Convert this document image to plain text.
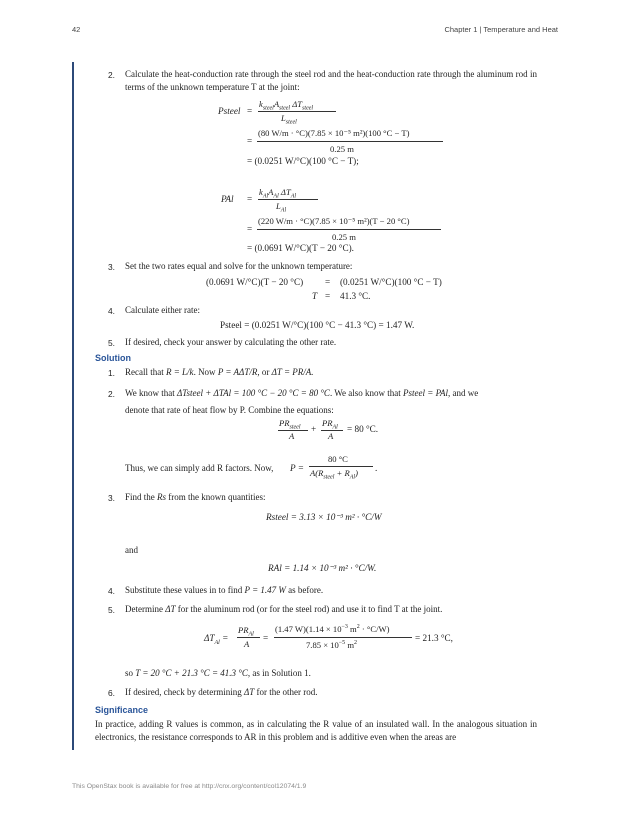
42	Chapter 1 | Temperature and Heat
2. Calculate the heat-conduction rate through the steel rod and the heat-conduction rate through the aluminum rod in terms of the unknown temperature T at the joint:
Psteel =
$k_{steel}A_{steel}$ $\Delta T_{steel}$
$L_{steel}$
=
(80 W/m · °C)(7.85 × 10⁻⁵ m²)(100 °C − T)
0.25 m
= (0.0251 W/°C)(100 °C − T);
PAl =
$k_{Al}A_{Al}$ $\Delta T_{Al}$
$L_{Al}$
=
(220 W/m · °C)(7.85 × 10⁻⁵ m²)(T − 20 °C)
0.25 m
= (0.0691 W/°C)(T − 20 °C).
3. Set the two rates equal and solve for the unknown temperature:
(0.0691 W/°C)(T − 20 °C) = (0.0251 W/°C)(100 °C − T)
T = 41.3 °C.
4. Calculate either rate:
Psteel = (0.0251 W/°C)(100 °C − 41.3 °C) = 1.47 W.
5. If desired, check your answer by calculating the other rate.
Solution
1. Recall that R = L/k. Now P = AΔT/R, or ΔT = PR/A.
2. We know that ΔTsteel + ΔTAl = 100 °C − 20 °C = 80 °C. We also know that Psteel = PAl, and we
denote that rate of heat flow by P. Combine the equations:
$PR_{steel}$
A
+
$PR_{Al}$
A
= 80 °C.
Thus, we can simply add R factors. Now, P =
80 °C
$A(R_{steel} + R_{Al})$ .
3. Find the Rs from the known quantities:
Rsteel = 3.13 × 10⁻³ m² · °C/W
and
RAl = 1.14 × 10⁻³ m² · °C/W.
4. Substitute these values in to find P = 1.47 W as before.
5. Determine ΔT for the aluminum rod (or for the steel rod) and use it to find T at the joint.
$\Delta T_{Al}$ =
$PR_{Al}$
A
=
(1.47 $W)(1.14 \times 10^{-3}$ $m^2 \cdot ^\circ C/W$)
$7.85 \times 10^{-5}$ $m^2$
= 21.3 °C,
so T = 20 °C + 21.3 °C = 41.3 °C, as in Solution 1.
6. If desired, check by determining ΔT for the other rod.
Significance
In practice, adding R values is common, as in calculating the R value of an insulated wall. In the analogous situation in electronics, the resistance corresponds to AR in this problem and is additive even when the areas are
This OpenStax book is available for free at http://cnx.org/content/col12074/1.9
